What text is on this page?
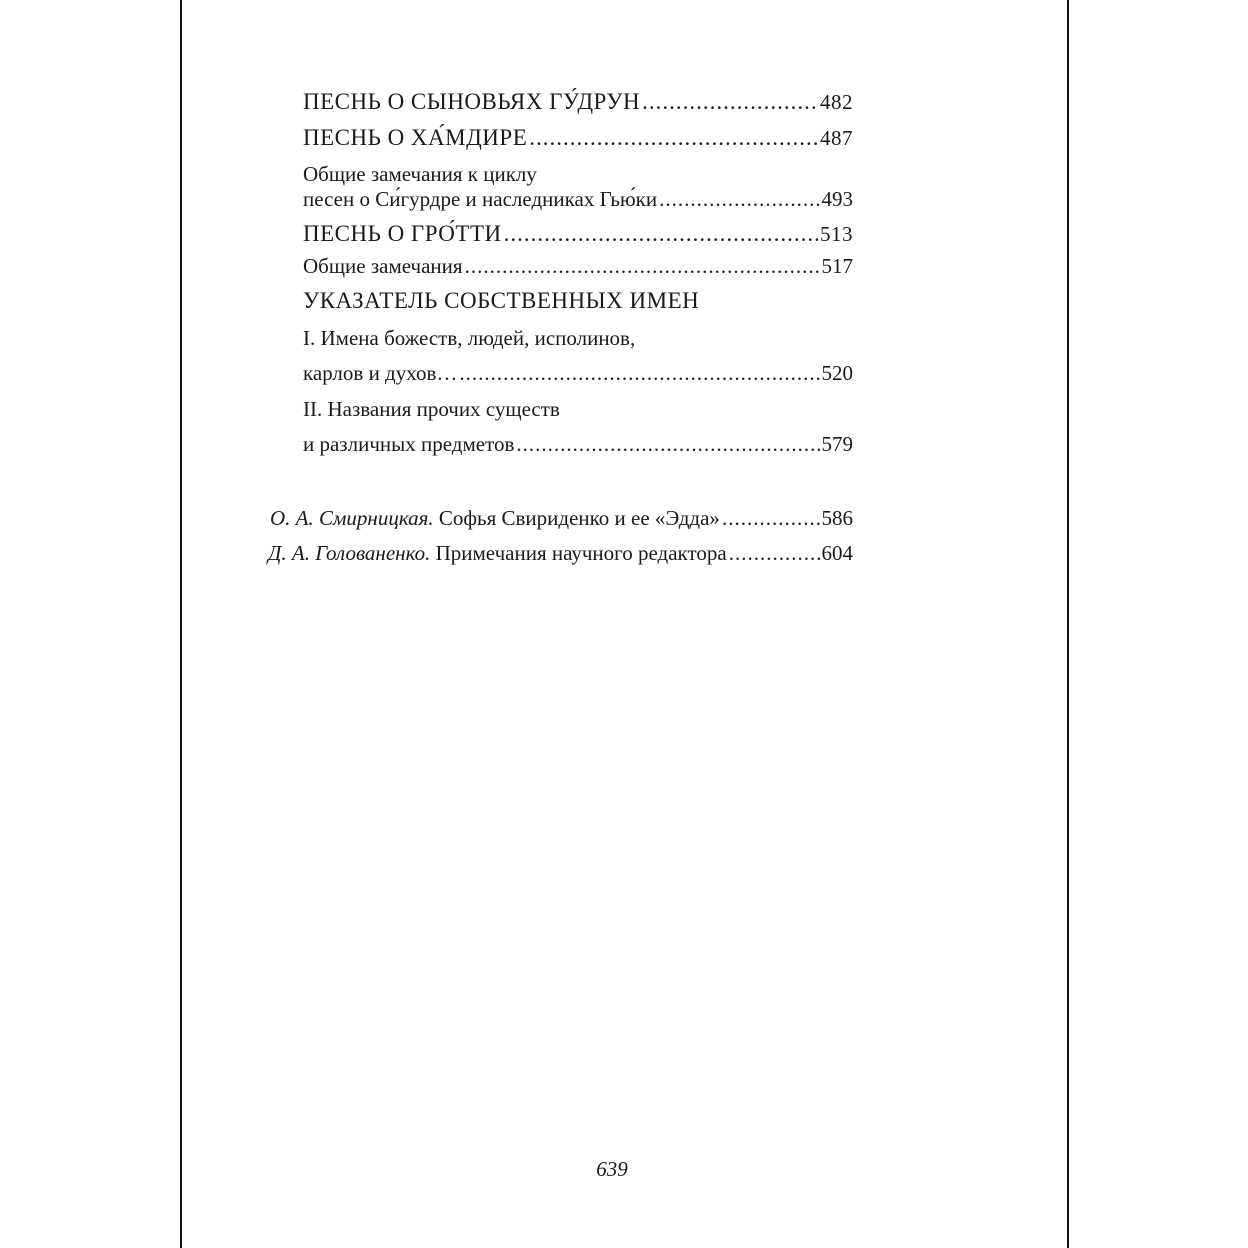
ПЕСНЬ О СЫНОВЬЯХ ГУ́ДРУН .....	482
ПЕСНЬ О ХА́МДИРЕ .....	487
Общие замечания к циклу
песен о Си́гурдре и наследниках Гью́ки .....	493
ПЕСНЬ О ГРО́ТТИ .....	513
Общие замечания .....	517
УКАЗАТЕЛЬ СОБСТВЕННЫХ ИМЕН
I. Имена божеств, людей, исполинов,
карлов и духов… .....	520
II. Названия прочих существ
и различных предметов .....	579
О. А. Смирницкая. Софья Свириденко и ее «Эдда» .....	586
Д. А. Голованенко. Примечания научного редактора .....	604
639
